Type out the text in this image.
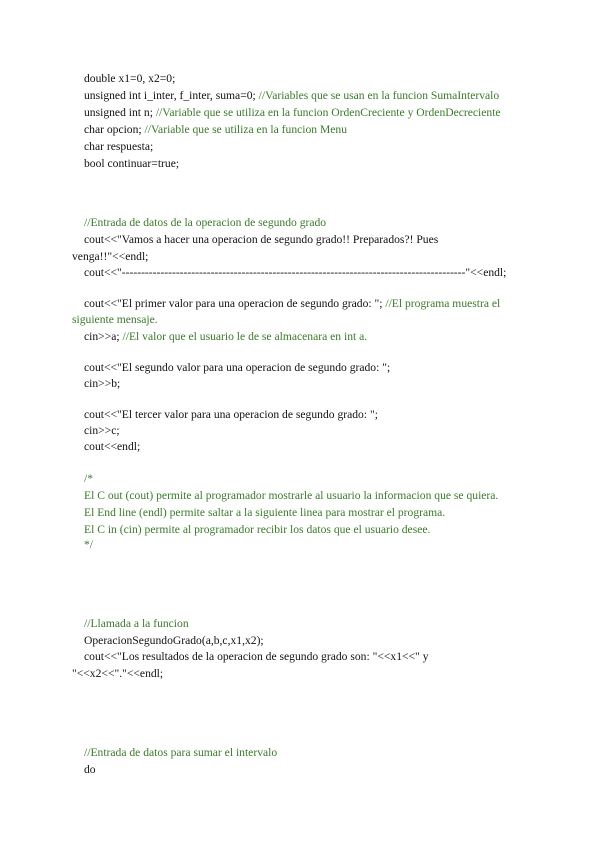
double x1=0, x2=0;
unsigned int i_inter, f_inter, suma=0; //Variables que se usan en la funcion SumaIntervalo
unsigned int n; //Variable que se utiliza en la funcion OrdenCreciente y OrdenDecreciente
char opcion; //Variable que se utiliza en la funcion Menu
char respuesta;
bool continuar=true;
//Entrada de datos de la operacion de segundo grado
cout<<"Vamos a hacer una operacion de segundo grado!! Preparados?! Pues
venga!!"<<endl;
cout<<"-----------------------------------------------------------------------------------------"<<endl;
cout<<"El primer valor para una operacion de segundo grado: "; //El programa muestra el
siguiente mensaje.
cin>>a; //El valor que el usuario le de se almacenara en int a.
cout<<"El segundo valor para una operacion de segundo grado: ";
cin>>b;
cout<<"El tercer valor para una operacion de segundo grado: ";
cin>>c;
cout<<endl;
/*
El C out (cout) permite al programador mostrarle al usuario la informacion que se quiera.
El End line (endl) permite saltar a la siguiente linea para mostrar el programa.
El C in (cin) permite al programador recibir los datos que el usuario desee.
*/
//Llamada a la funcion
OperacionSegundoGrado(a,b,c,x1,x2);
cout<<"Los resultados de la operacion de segundo grado son: "<<x1<<" y
"<<x2<<"."<<endl;
//Entrada de datos para sumar el intervalo
do
